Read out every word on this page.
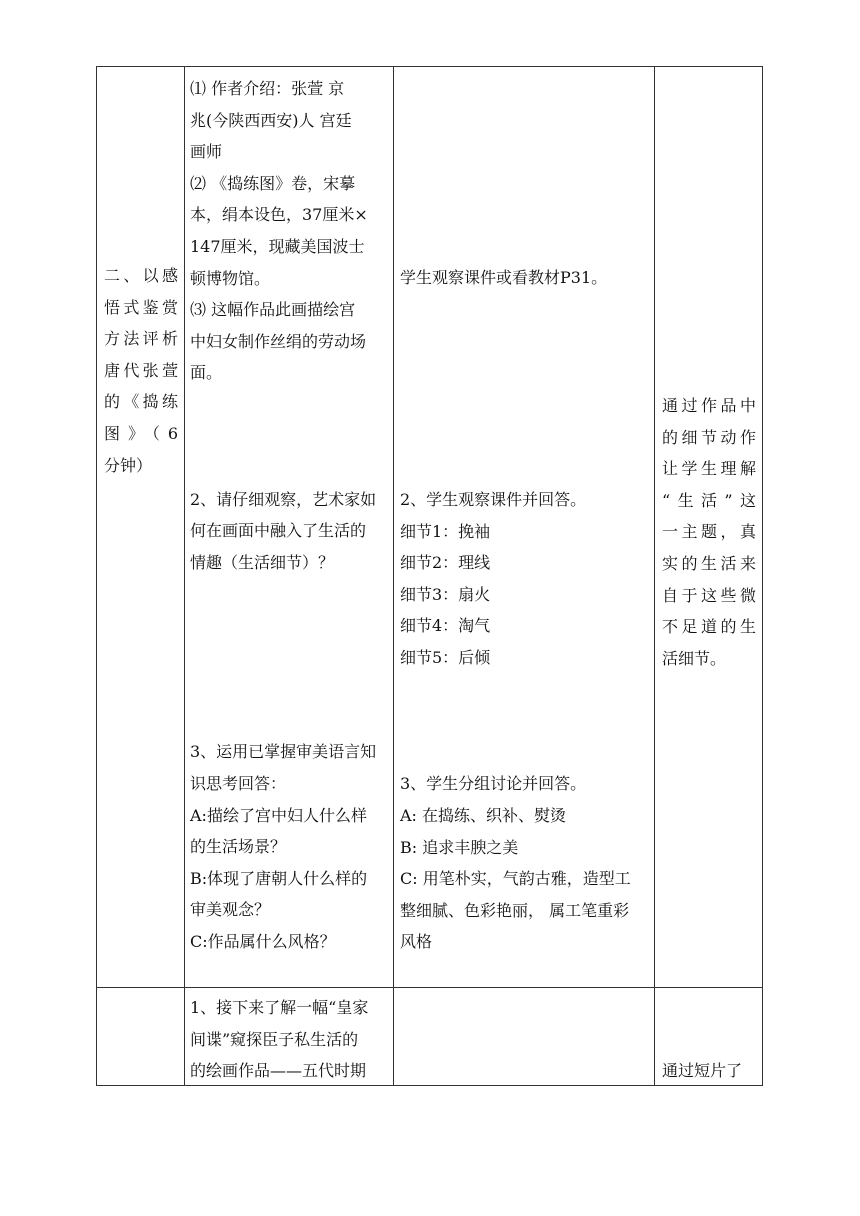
二、以感
悟式鉴赏
方法评析
唐代张萱
的《捣练
图》（6
分钟）
⑴ 作者介绍：张萱 京
兆(今陕西西安)人 宫廷
画师
⑵ 《捣练图》卷，宋摹
本，绢本设色，37厘米×
147厘米，现藏美国波士
顿博物馆。
⑶ 这幅作品此画描绘宫
中妇女制作丝绢的劳动场
面。
2、请仔细观察，艺术家如
何在画面中融入了生活的
情趣（生活细节）？
3、运用已掌握审美语言知
识思考回答：
A:描绘了宫中妇人什么样
的生活场景？
B:体现了唐朝人什么样的
审美观念？
C:作品属什么风格？
学生观察课件或看教材P31。
2、学生观察课件并回答。
细节1：挽袖
细节2：理线
细节3：扇火
细节4：淘气
细节5：后倾
3、学生分组讨论并回答。
A: 在捣练、织补、熨烫
B: 追求丰腴之美
C: 用笔朴实，气韵古雅，造型工
整细腻、色彩艳丽， 属工笔重彩
风格
通过作品中
的细节动作
让学生理解
“生活”这
一主题，真
实的生活来
自于这些微
不足道的生
活细节。
1、接下来了解一幅“皇家
间谍”窥探臣子私生活的
的绘画作品——五代时期	通过短片了
